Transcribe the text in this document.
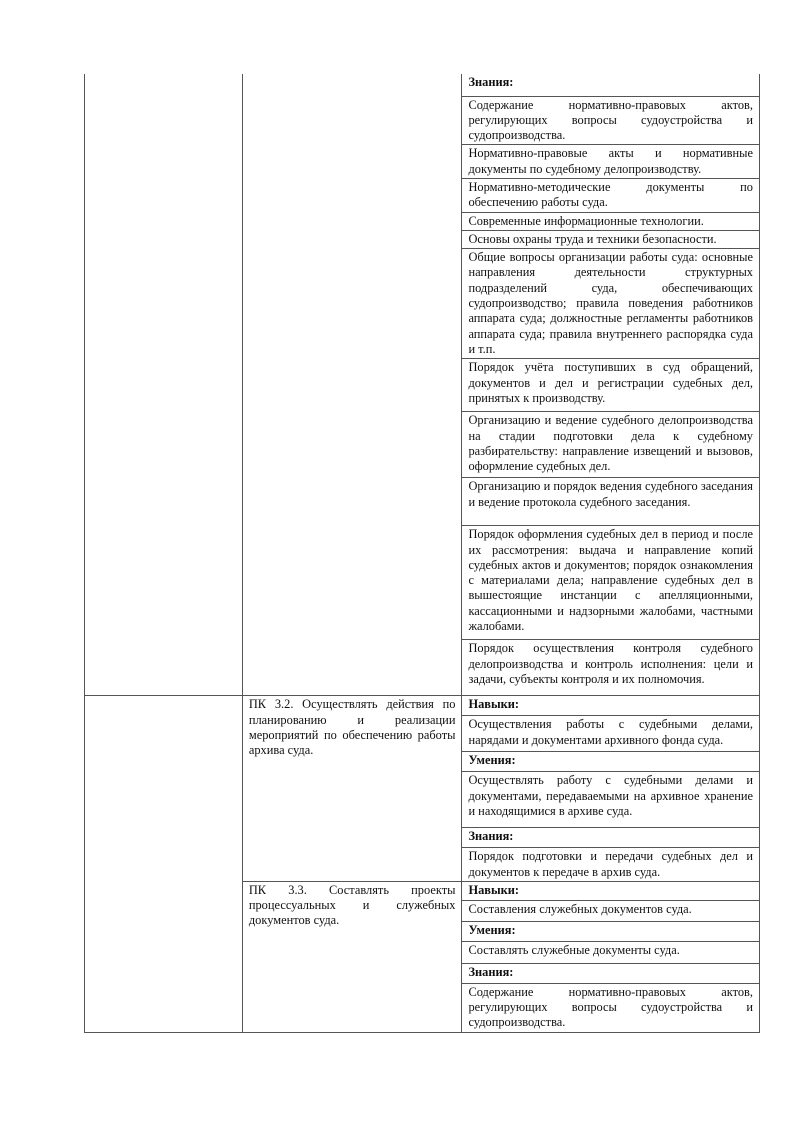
		Знания:
		Содержание нормативно-правовых актов, регулирующих вопросы судоустройства и судопроизводства.
		Нормативно-правовые акты и нормативные документы по судебному делопроизводству.
		Нормативно-методические документы по обеспечению работы суда.
		Современные информационные технологии.
		Основы охраны труда и техники безопасности.
		Общие вопросы организации работы суда: основные направления деятельности структурных подразделений суда, обеспечивающих судопроизводство; правила поведения работников аппарата суда; должностные регламенты работников аппарата суда; правила внутреннего распорядка суда и т.п.
		Порядок учёта поступивших в суд обращений, документов и дел и регистрации судебных дел, принятых к производству.
		Организацию и ведение судебного делопроизводства на стадии подготовки дела к судебному разбирательству: направление извещений и вызовов, оформление судебных дел.
		Организацию и порядок ведения судебного заседания и ведение протокола судебного заседания.
		Порядок оформления судебных дел в период и после их рассмотрения: выдача и направление копий судебных актов и документов; порядок ознакомления с материалами дела; направление судебных дел в вышестоящие инстанции с апелляционными, кассационными и надзорными жалобами, частными жалобами.
		Порядок осуществления контроля судебного делопроизводства и контроль исполнения: цели и задачи, субъекты контроля и их полномочия.
	ПК 3.2. Осуществлять действия по планированию и реализации мероприятий по обеспечению работы архива суда.	Навыки:
		Осуществления работы с судебными делами, нарядами и документами архивного фонда суда.
		Умения:
		Осуществлять работу с судебными делами и документами, передаваемыми на архивное хранение и находящимися в архиве суда.
		Знания:
		Порядок подготовки и передачи судебных дел и документов к передаче в архив суда.
	ПК 3.3. Составлять проекты процессуальных и служебных документов суда.	Навыки:
		Составления служебных документов суда.
		Умения:
		Составлять служебные документы суда.
		Знания:
		Содержание нормативно-правовых актов, регулирующих вопросы судоустройства и судопроизводства.
